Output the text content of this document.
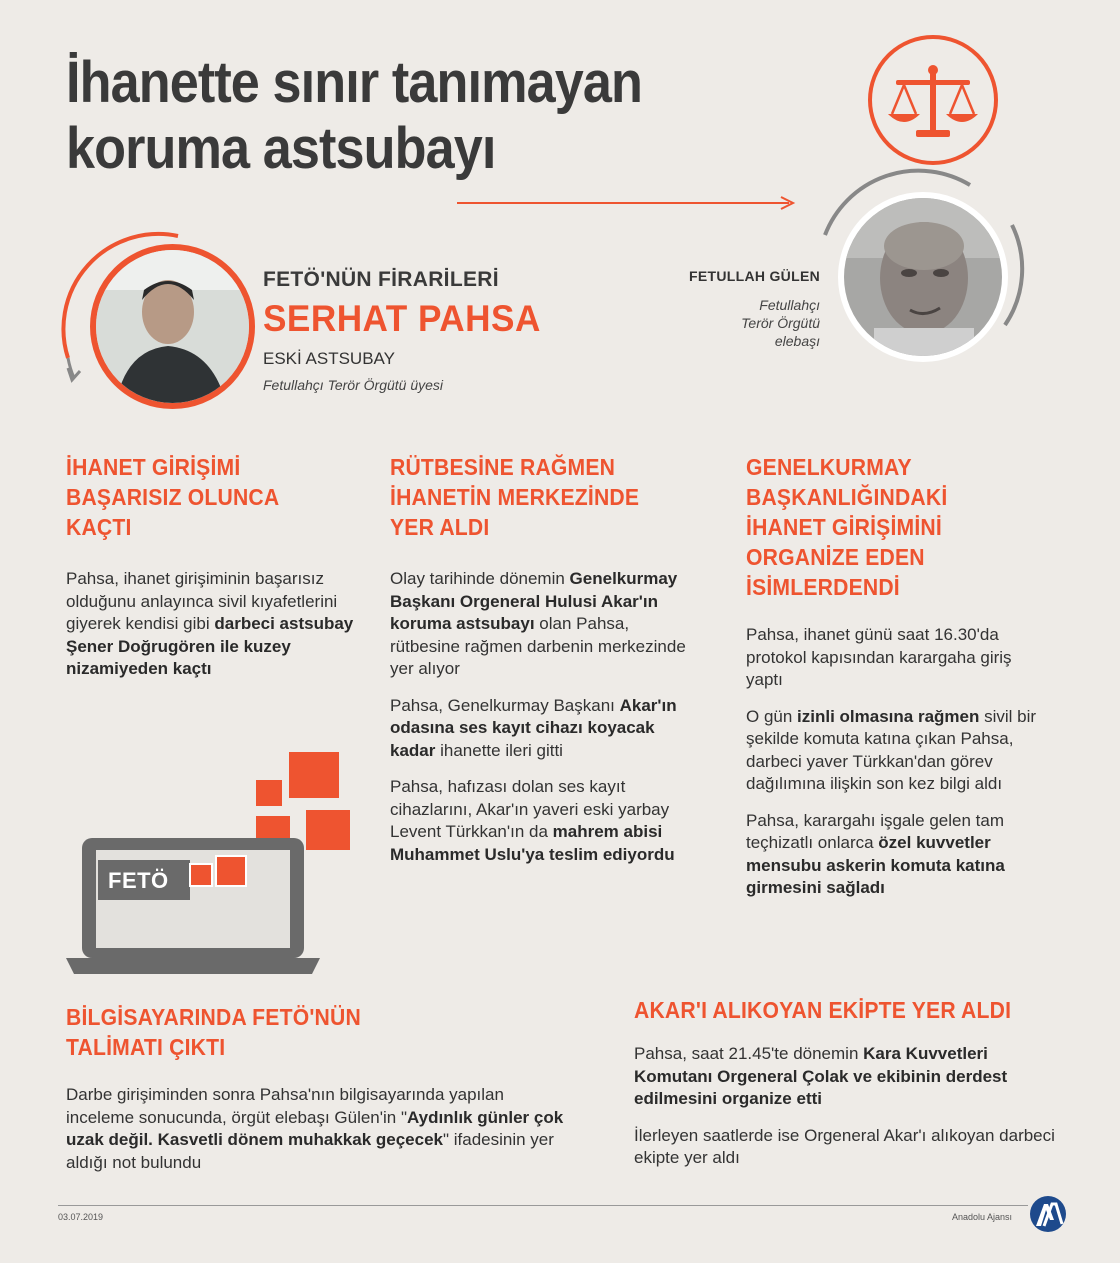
İhanette sınır tanımayan
koruma astsubayı
FETULLAH GÜLEN
Fetullahçı
Terör Örgütü
elebaşı
FETÖ'NÜN FİRARİLERİ
SERHAT PAHSA
ESKİ ASTSUBAY
Fetullahçı Terör Örgütü üyesi
İHANET GİRİŞİMİ
BAŞARISIZ OLUNCA
KAÇTI
Pahsa, ihanet girişiminin başarısız olduğunu anlayınca sivil kıyafetlerini giyerek kendisi gibi darbeci astsubay Şener Doğrugören ile kuzey nizamiyeden kaçtı
RÜTBESİNE RAĞMEN
İHANETİN MERKEZİNDE
YER ALDI
Olay tarihinde dönemin Genelkurmay Başkanı Orgeneral Hulusi Akar'ın koruma astsubayı olan Pahsa, rütbesine rağmen darbenin merkezinde yer alıyor
Pahsa, Genelkurmay Başkanı Akar'ın odasına ses kayıt cihazı koyacak kadar ihanette ileri gitti
Pahsa, hafızası dolan ses kayıt cihazlarını, Akar'ın yaveri eski yarbay Levent Türkkan'ın da mahrem abisi Muhammet Uslu'ya teslim ediyordu
GENELKURMAY
BAŞKANLIĞINDAKİ
İHANET GİRİŞİMİNİ
ORGANİZE EDEN
İSİMLERDENDİ
Pahsa, ihanet günü saat 16.30'da protokol kapısından karargaha giriş yaptı
O gün izinli olmasına rağmen sivil bir şekilde komuta katına çıkan Pahsa, darbeci yaver Türkkan'dan görev dağılımına ilişkin son kez bilgi aldı
Pahsa, karargahı işgale gelen tam teçhizatlı onlarca özel kuvvetler mensubu askerin komuta katına girmesini sağladı
FETÖ
BİLGİSAYARINDA FETÖ'NÜN
TALİMATI ÇIKTI
Darbe girişiminden sonra Pahsa'nın bilgisayarında yapılan inceleme sonucunda, örgüt elebaşı Gülen'in "Aydınlık günler çok uzak değil. Kasvetli dönem muhakkak geçecek" ifadesinin yer aldığı not bulundu
AKAR'I ALIKOYAN EKİPTE YER ALDI
Pahsa, saat 21.45'te dönemin Kara Kuvvetleri Komutanı Orgeneral Çolak ve ekibinin derdest edilmesini organize etti
İlerleyen saatlerde ise Orgeneral Akar'ı alıkoyan darbeci ekipte yer aldı
03.07.2019	Anadolu Ajansı
